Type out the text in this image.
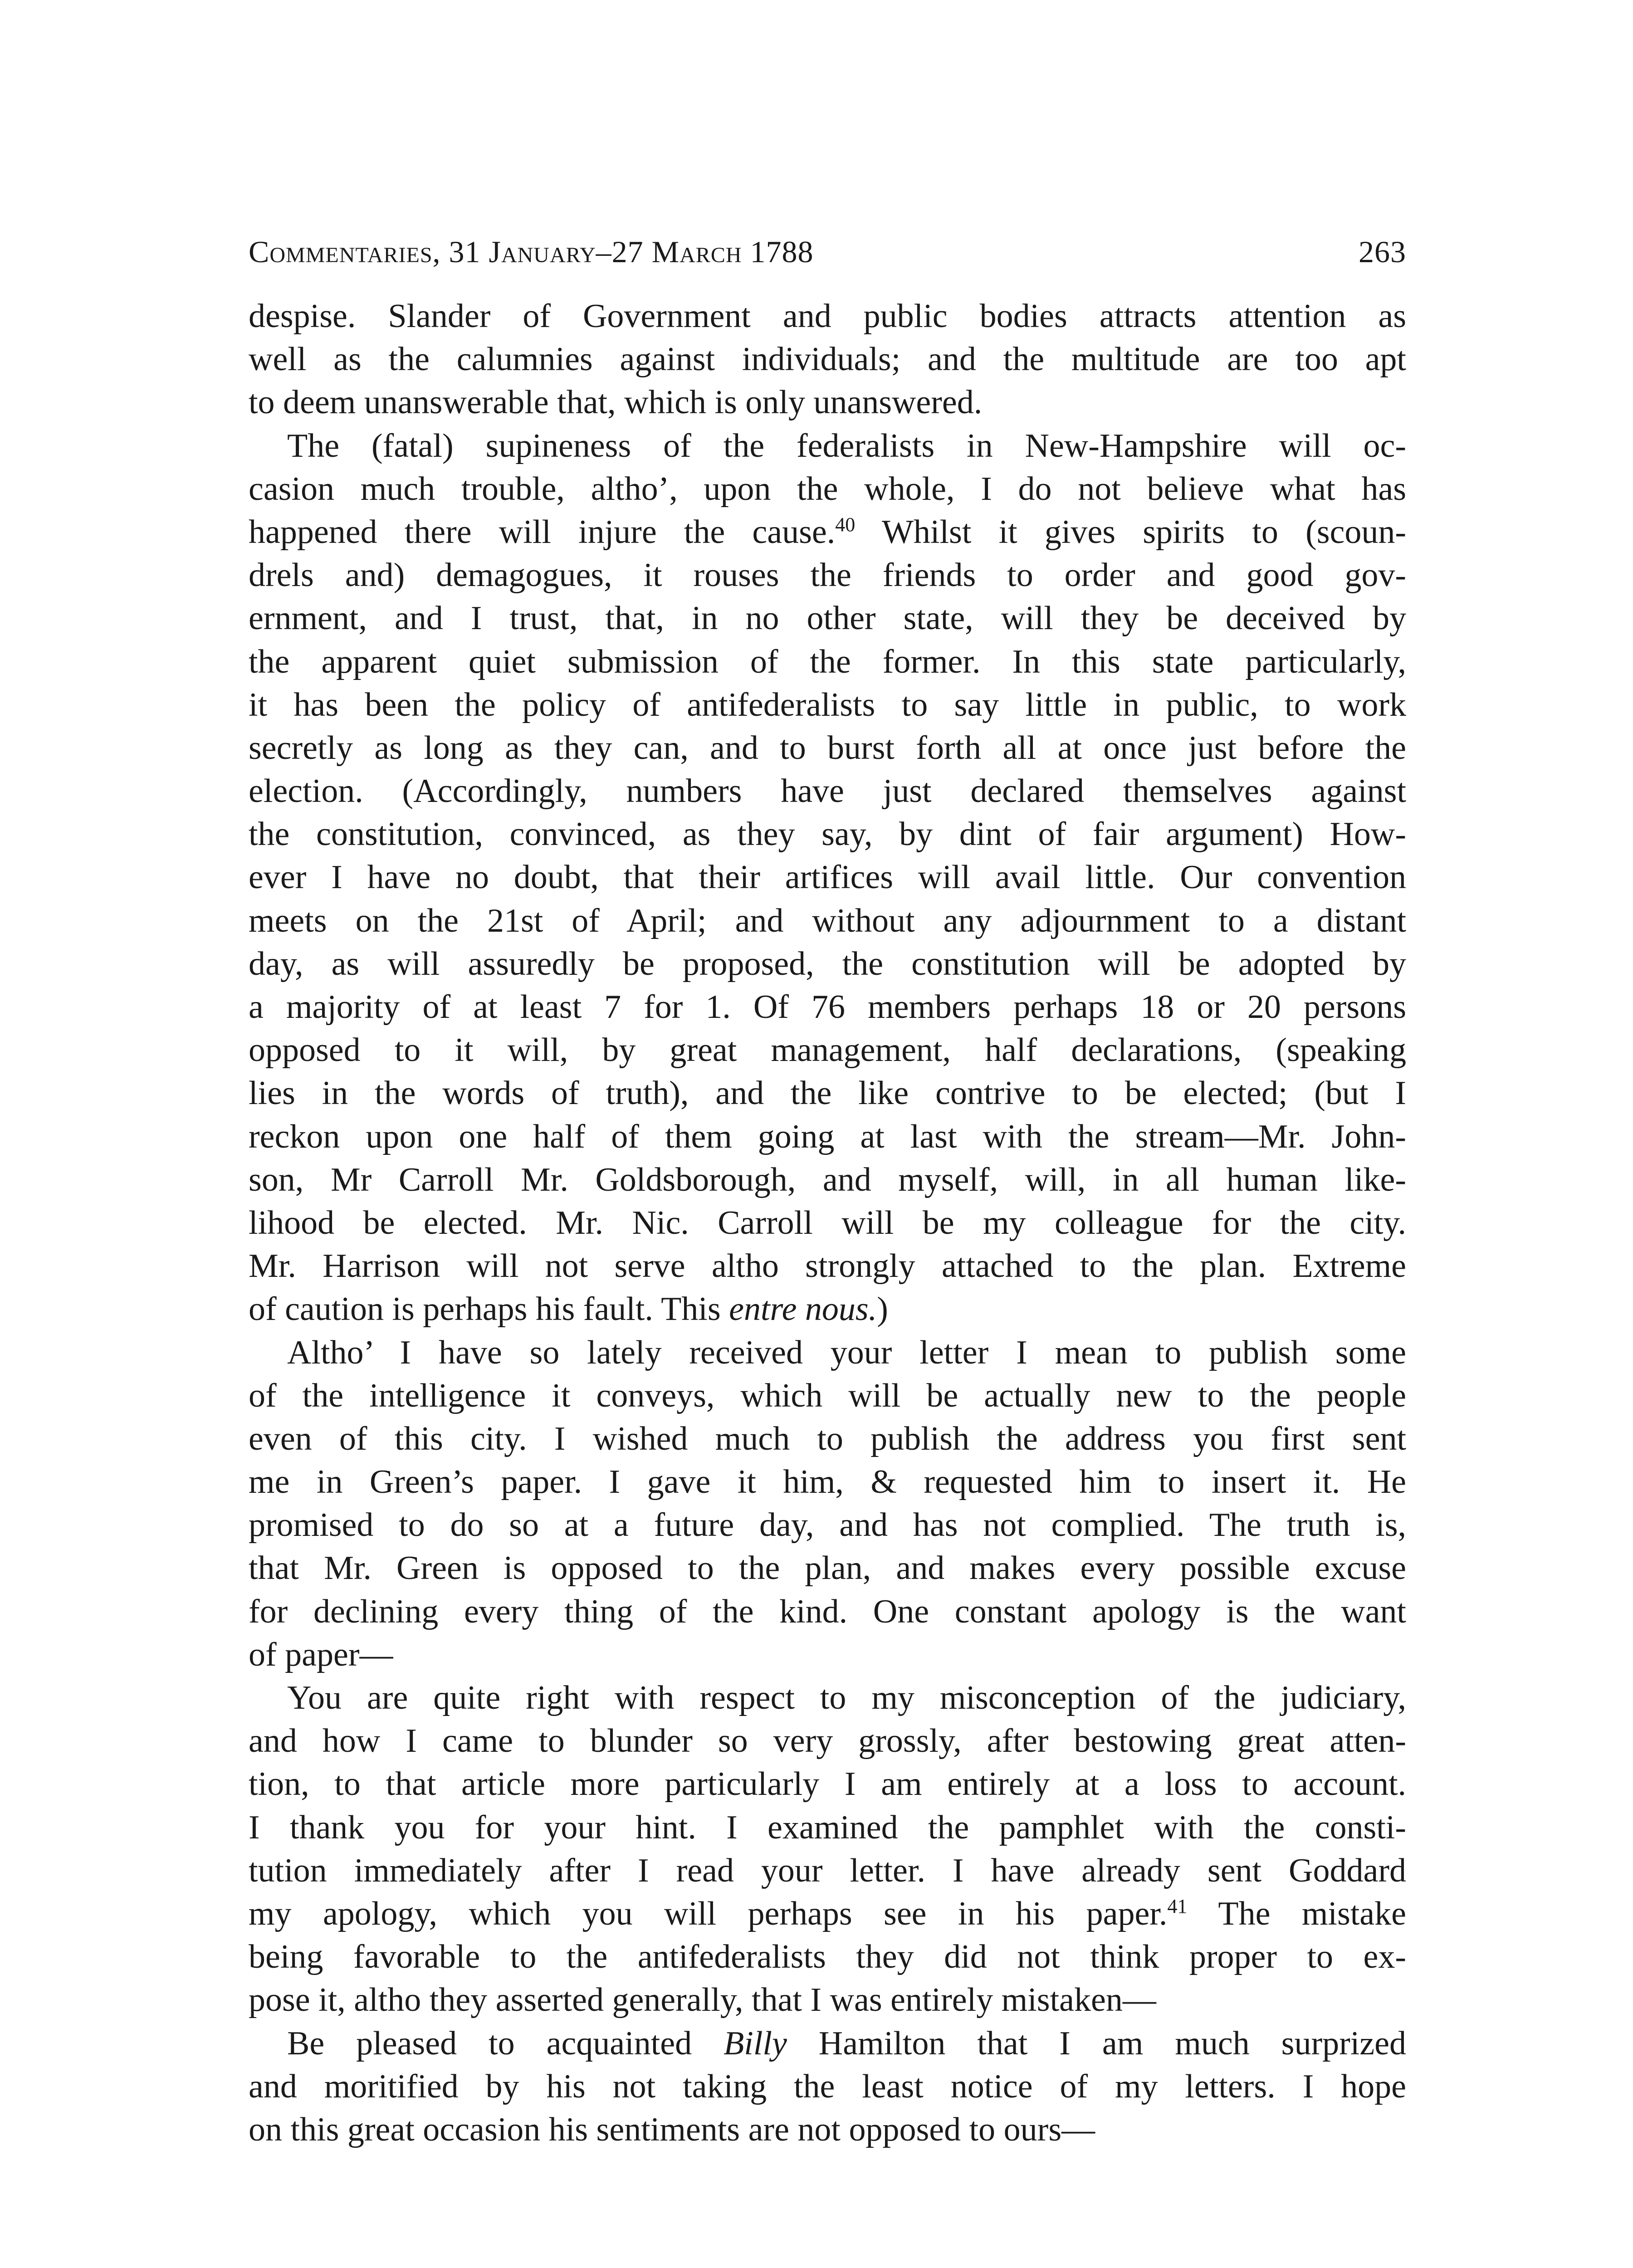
Commentaries, 31 January–27 March 1788	263
despise. Slander of Government and public bodies attracts attention as
well as the calumnies against individuals; and the multitude are too apt
to deem unanswerable that, which is only unanswered.
The (fatal) supineness of the federalists in New-Hampshire will oc-
casion much trouble, altho’, upon the whole, I do not believe what has
happened there will injure the cause.$^{40}$ Whilst it gives spirits to (scoun-
drels and) demagogues, it rouses the friends to order and good gov-
ernment, and I trust, that, in no other state, will they be deceived by
the apparent quiet submission of the former. In this state particularly,
it has been the policy of antifederalists to say little in public, to work
secretly as long as they can, and to burst forth all at once just before the
election. (Accordingly, numbers have just declared themselves against
the constitution, convinced, as they say, by dint of fair argument) How-
ever I have no doubt, that their artifices will avail little. Our convention
meets on the 21st of April; and without any adjournment to a distant
day, as will assuredly be proposed, the constitution will be adopted by
a majority of at least 7 for 1. Of 76 members perhaps 18 or 20 persons
opposed to it will, by great management, half declarations, (speaking
lies in the words of truth), and the like contrive to be elected; (but I
reckon upon one half of them going at last with the stream—Mr. John-
son, Mr Carroll Mr. Goldsborough, and myself, will, in all human like-
lihood be elected. Mr. Nic. Carroll will be my colleague for the city.
Mr. Harrison will not serve altho strongly attached to the plan. Extreme
of caution is perhaps his fault. This entre nous.)
Altho’ I have so lately received your letter I mean to publish some
of the intelligence it conveys, which will be actually new to the people
even of this city. I wished much to publish the address you first sent
me in Green’s paper. I gave it him, & requested him to insert it. He
promised to do so at a future day, and has not complied. The truth is,
that Mr. Green is opposed to the plan, and makes every possible excuse
for declining every thing of the kind. One constant apology is the want
of paper—
You are quite right with respect to my misconception of the judiciary,
and how I came to blunder so very grossly, after bestowing great atten-
tion, to that article more particularly I am entirely at a loss to account.
I thank you for your hint. I examined the pamphlet with the consti-
tution immediately after I read your letter. I have already sent Goddard
my apology, which you will perhaps see in his paper.$^{41}$ The mistake
being favorable to the antifederalists they did not think proper to ex-
pose it, altho they asserted generally, that I was entirely mistaken—
Be pleased to acquainted Billy Hamilton that I am much surprized
and moritified by his not taking the least notice of my letters. I hope
on this great occasion his sentiments are not opposed to ours—
